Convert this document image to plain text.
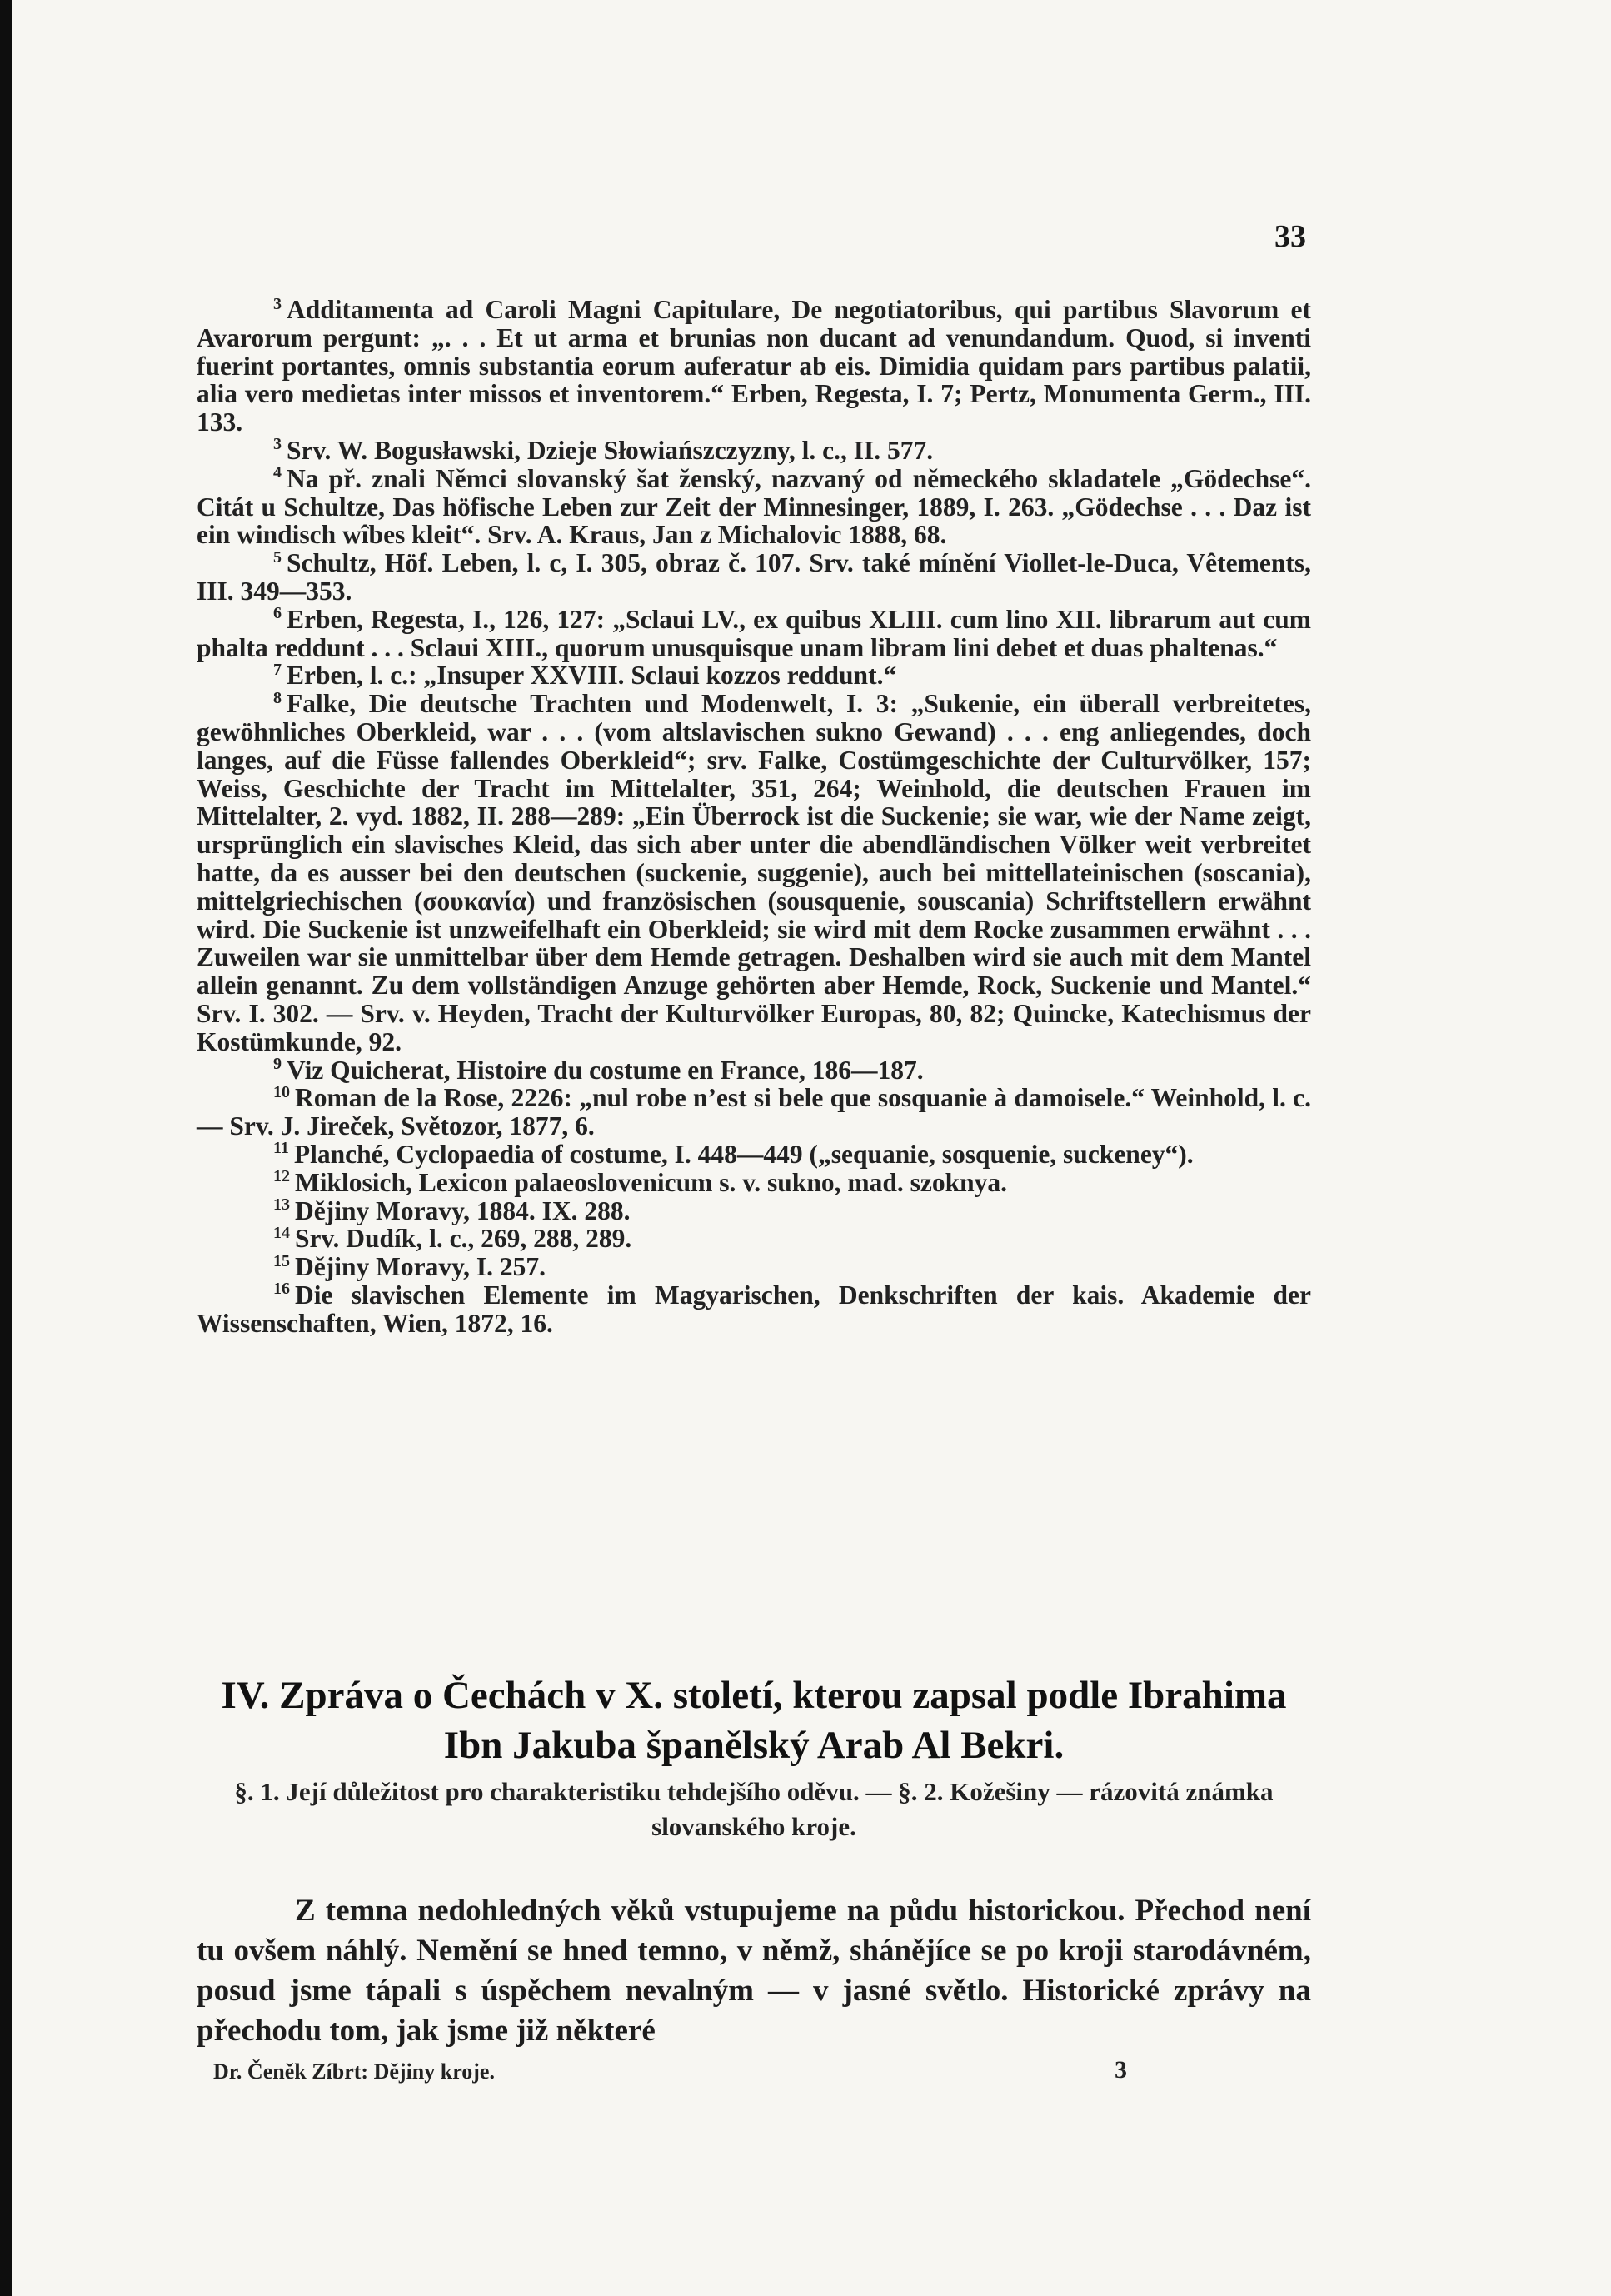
33

$^3$ Additamenta ad Caroli Magni Capitulare, De negotiatoribus, qui partibus Slavorum et Avarorum pergunt: „. . . Et ut arma et brunias non ducant ad venundandum. Quod, si inventi fuerint portantes, omnis substantia eorum auferatur ab eis. Dimidia quidam pars partibus palatii, alia vero medietas inter missos et inventorem.“ Erben, Regesta, I. 7; Pertz, Monumenta Germ., III. 133.

$^3$ Srv. W. Bogusławski, Dzieje Słowiańszczyzny, l. c., II. 577.

$^4$ Na př. znali Němci slovanský šat ženský, nazvaný od německého skladatele „Gödechse“. Citát u Schultze, Das höfische Leben zur Zeit der Minnesinger, 1889, I. 263. „Gödechse . . . Daz ist ein windisch wîbes kleit“. Srv. A. Kraus, Jan z Michalovic 1888, 68.

$^5$ Schultz, Höf. Leben, l. c, I. 305, obraz č. 107. Srv. také mínění Viollet-le-Duca, Vêtements, III. 349—353.

$^6$ Erben, Regesta, I., 126, 127: „Sclaui LV., ex quibus XLIII. cum lino XII. librarum aut cum phalta reddunt . . . Sclaui XIII., quorum unusquisque unam libram lini debet et duas phaltenas.“

$^7$ Erben, l. c.: „Insuper XXVIII. Sclaui kozzos reddunt.“

$^8$ Falke, Die deutsche Trachten und Modenwelt, I. 3: „Sukenie, ein überall verbreitetes, gewöhnliches Oberkleid, war . . . (vom altslavischen sukno Gewand) . . . eng anliegendes, doch langes, auf die Füsse fallendes Oberkleid“; srv. Falke, Costümgeschichte der Culturvölker, 157; Weiss, Geschichte der Tracht im Mittelalter, 351, 264; Weinhold, die deutschen Frauen im Mittelalter, 2. vyd. 1882, II. 288—289: „Ein Überrock ist die Suckenie; sie war, wie der Name zeigt, ursprünglich ein slavisches Kleid, das sich aber unter die abendländischen Völker weit verbreitet hatte, da es ausser bei den deutschen (suckenie, suggenie), auch bei mittellateinischen (soscania), mittelgriechischen (σουκανία) und französischen (sousquenie, souscania) Schriftstellern erwähnt wird. Die Suckenie ist unzweifelhaft ein Oberkleid; sie wird mit dem Rocke zusammen erwähnt . . . Zuweilen war sie unmittelbar über dem Hemde getragen. Deshalben wird sie auch mit dem Mantel allein genannt. Zu dem vollständigen Anzuge gehörten aber Hemde, Rock, Suckenie und Mantel.“ Srv. I. 302. — Srv. v. Heyden, Tracht der Kulturvölker Europas, 80, 82; Quincke, Katechismus der Kostümkunde, 92.

$^9$ Viz Quicherat, Histoire du costume en France, 186—187.

$^{10}$ Roman de la Rose, 2226: „nul robe n’est si bele que sosquanie à damoisele.“ Weinhold, l. c. — Srv. J. Jireček, Světozor, 1877, 6.

$^{11}$ Planché, Cyclopaedia of costume, I. 448—449 („sequanie, sosquenie, suckeney“).

$^{12}$ Miklosich, Lexicon palaeoslovenicum s. v. sukno, mad. szoknya.

$^{13}$ Dějiny Moravy, 1884. IX. 288.

$^{14}$ Srv. Dudík, l. c., 269, 288, 289.

$^{15}$ Dějiny Moravy, I. 257.

$^{16}$ Die slavischen Elemente im Magyarischen, Denkschriften der kais. Akademie der Wissenschaften, Wien, 1872, 16.

IV. Zpráva o Čechách v X. století, kterou zapsal podle Ibrahima Ibn Jakuba španělský Arab Al Bekri.
§. 1. Její důležitost pro charakteristiku tehdejšího oděvu. — §. 2. Kožešiny — rázovitá známka slovanského kroje.
Z temna nedohledných věků vstupujeme na půdu historickou. Přechod není tu ovšem náhlý. Nemění se hned temno, v němž, shánějíce se po kroji starodávném, posud jsme tápali s úspěchem nevalným — v jasné světlo. Historické zprávy na přechodu tom, jak jsme již některé
Dr. Čeněk Zíbrt: Dějiny kroje.	3
